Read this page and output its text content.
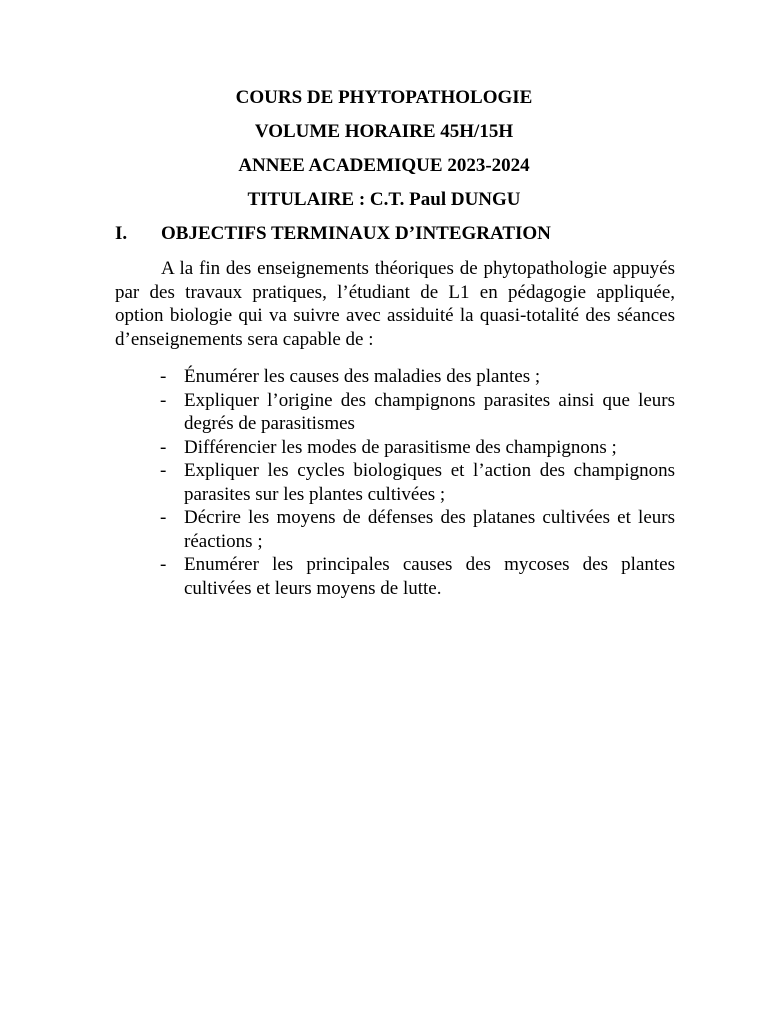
COURS DE PHYTOPATHOLOGIE
VOLUME HORAIRE 45H/15H
ANNEE ACADEMIQUE 2023-2024
TITULAIRE : C.T. Paul DUNGU
I. OBJECTIFS TERMINAUX D’INTEGRATION

A la fin des enseignements théoriques de phytopathologie appuyés par des travaux pratiques, l’étudiant de L1 en pédagogie appliquée, option biologie qui va suivre avec assiduité la quasi-totalité des séances d’enseignements sera capable de :

- Énumérer les causes des maladies des plantes ;
- Expliquer l’origine des champignons parasites ainsi que leurs degrés de parasitismes
- Différencier les modes de parasitisme des champignons ;
- Expliquer les cycles biologiques et l’action des champignons parasites sur les plantes cultivées ;
- Décrire les moyens de défenses des platanes cultivées et leurs réactions ;
- Enumérer les principales causes des mycoses des plantes cultivées et leurs moyens de lutte.
